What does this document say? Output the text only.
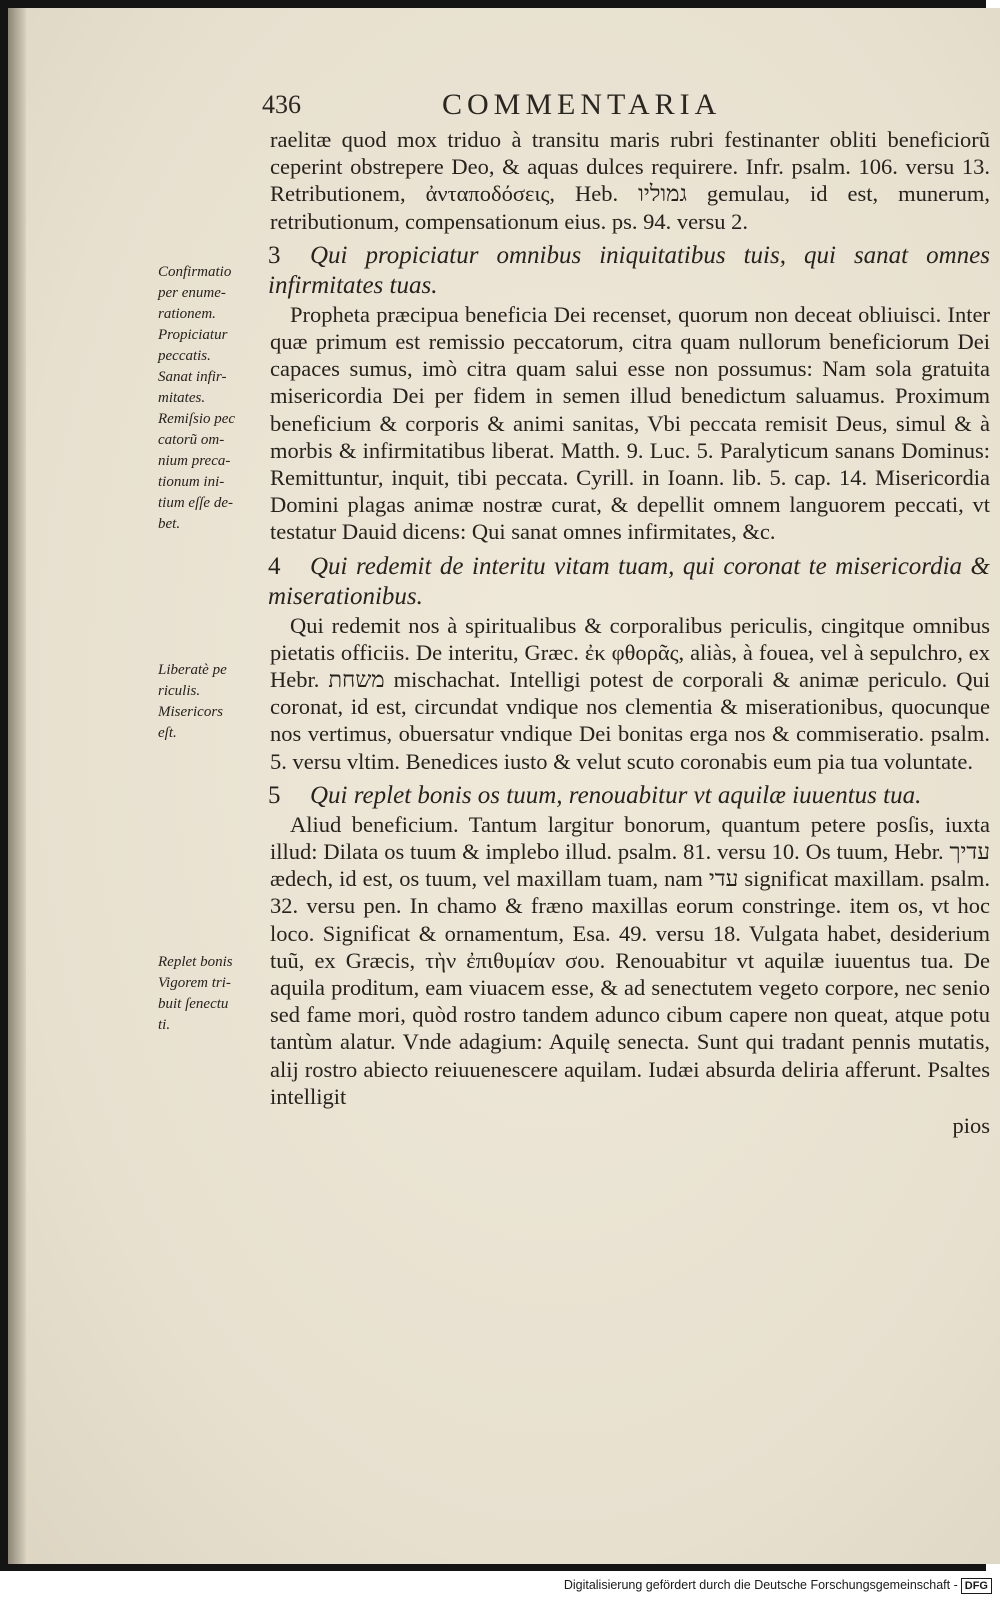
436	COMMENTARIA
Confirmatio
per enume-
rationem.
Propiciatur
peccatis.
Sanat infir-
mitates.
Remiſsio pec
catorũ om-
nium preca-
tionum ini-
tium eſſe de-
bet.
Liberatè pe
riculis.
Misericors
eſt.
Replet bonis
Vigorem tri-
buit ſenectu
ti.

raelitæ quod mox triduo à transitu maris rubri festinanter obliti beneficiorũ ceperint obstrepere Deo, & aquas dulces requirere. Infr. psalm. 106. versu 13. Retributionem, ἀνταποδόσεις, Heb. גמוליו gemulau, id est, munerum, retributionum, compensationum eius. ps. 94. versu 2.

3 Qui propiciatur omnibus iniquitatibus tuis, qui sanat omnes infirmitates tuas.

Propheta præcipua beneficia Dei recenset, quorum non deceat obliuisci. Inter quæ primum est remissio peccatorum, citra quam nullorum beneficiorum Dei capaces sumus, imò citra quam salui esse non possumus: Nam sola gratuita misericordia Dei per fidem in semen illud benedictum saluamus. Proximum beneficium & corporis & animi sanitas, Vbi peccata remisit Deus, simul & à morbis & infirmitatibus liberat. Matth. 9. Luc. 5. Paralyticum sanans Dominus: Remittuntur, inquit, tibi peccata. Cyrill. in Ioann. lib. 5. cap. 14. Misericordia Domini plagas animæ nostræ curat, & depellit omnem languorem peccati, vt testatur Dauid dicens: Qui sanat omnes infirmitates, &c.

4 Qui redemit de interitu vitam tuam, qui coronat te misericordia & miserationibus.

Qui redemit nos à spiritualibus & corporalibus periculis, cingitque omnibus pietatis officiis. De interitu, Græc. ἐκ φθορᾶς, aliàs, à fouea, vel à sepulchro, ex Hebr. משחת mischachat. Intelligi potest de corporali & animæ periculo. Qui coronat, id est, circundat vndique nos clementia & miserationibus, quocunque nos vertimus, obuersatur vndique Dei bonitas erga nos & commiseratio. psalm. 5. versu vltim. Benedices iusto & velut scuto coronabis eum pia tua voluntate.

5 Qui replet bonis os tuum, renouabitur vt aquilæ iuuentus tua.

Aliud beneficium. Tantum largitur bonorum, quantum petere posſis, iuxta illud: Dilata os tuum & implebo illud. psalm. 81. versu 10. Os tuum, Hebr. עדיך ædech, id est, os tuum, vel maxillam tuam, nam עדי significat maxillam. psalm. 32. versu pen. In chamo & fræno maxillas eorum constringe. item os, vt hoc loco. Significat & ornamentum, Esa. 49. versu 18. Vulgata habet, desiderium tuũ, ex Græcis, τὴν ἐπιθυμίαν σου. Renouabitur vt aquilæ iuuentus tua. De aquila proditum, eam viuacem esse, & ad senectutem vegeto corpore, nec senio sed fame mori, quòd rostro tandem adunco cibum capere non queat, atque potu tantùm alatur. Vnde adagium: Aquilę senecta. Sunt qui tradant pennis mutatis, alij rostro abiecto reiuuenescere aquilam. Iudæi absurda deliria afferunt. Psaltes intelligit

pios

Digitalisierung gefördert durch die Deutsche Forschungsgemeinschaft - DFG
